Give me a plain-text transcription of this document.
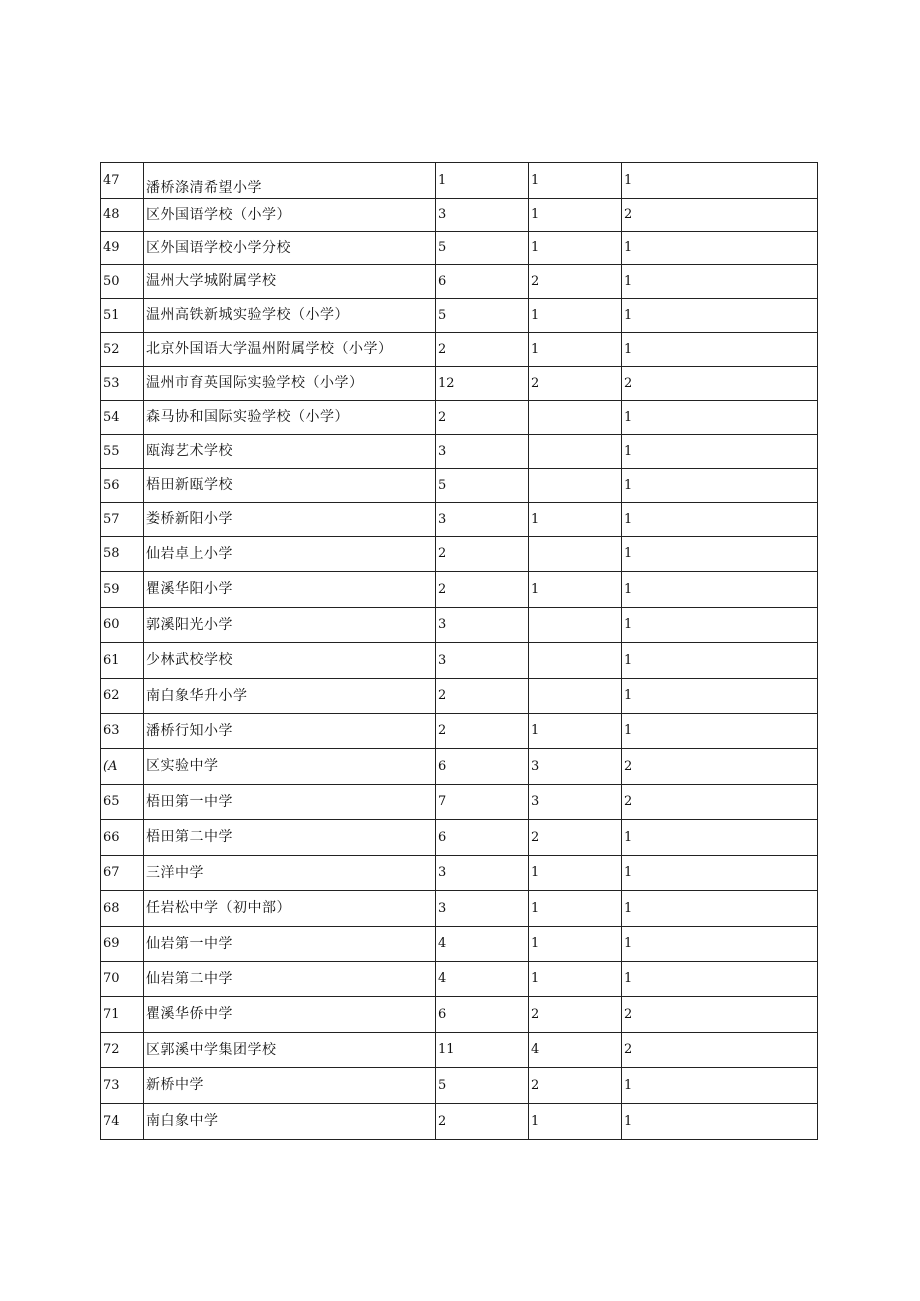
47	潘桥涤清希望小学	1	1	1
48	区外国语学校（小学）	3	1	2
49	区外国语学校小学分校	5	1	1
50	温州大学城附属学校	6	2	1
51	温州高铁新城实验学校（小学）	5	1	1
52	北京外国语大学温州附属学校（小学）	2	1	1
53	温州市育英国际实验学校（小学）	12	2	2
54	森马协和国际实验学校（小学）	2		1
55	瓯海艺术学校	3		1
56	梧田新瓯学校	5		1
57	娄桥新阳小学	3	1	1
58	仙岩卓上小学	2		1
59	瞿溪华阳小学	2	1	1
60	郭溪阳光小学	3		1
61	少林武校学校	3		1
62	南白象华升小学	2		1
63	潘桥行知小学	2	1	1
(A	区实验中学	6	3	2
65	梧田第一中学	7	3	2
66	梧田第二中学	6	2	1
67	三洋中学	3	1	1
68	任岩松中学（初中部）	3	1	1
69	仙岩第一中学	4	1	1
70	仙岩第二中学	4	1	1
71	瞿溪华侨中学	6	2	2
72	区郭溪中学集团学校	11	4	2
73	新桥中学	5	2	1
74	南白象中学	2	1	1
